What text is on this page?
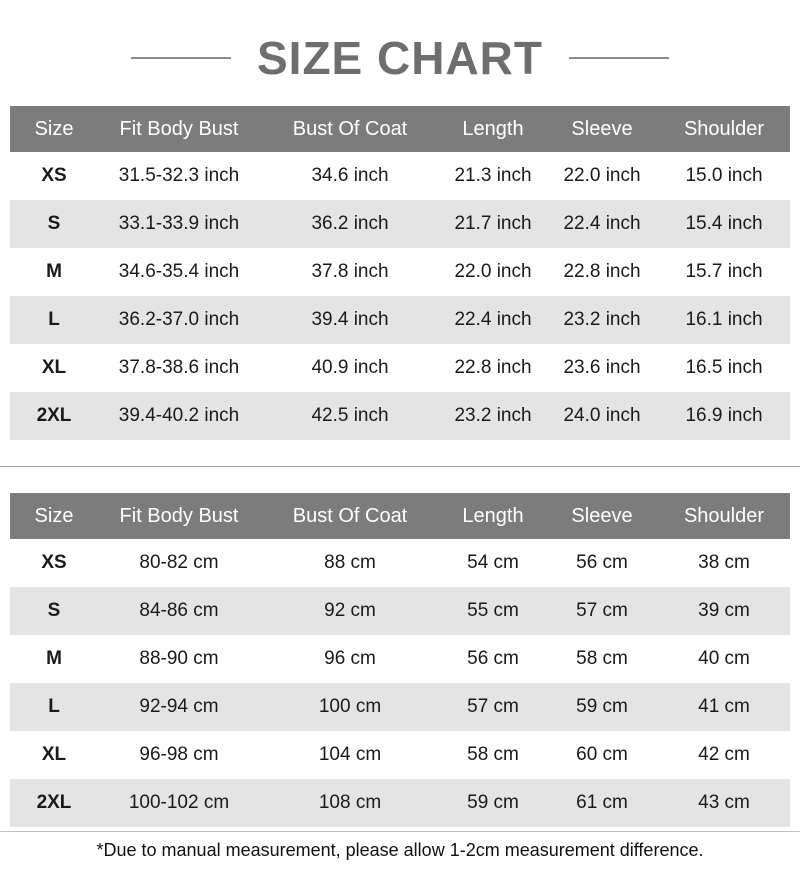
SIZE CHART
Size	Fit Body Bust	Bust Of Coat	Length	Sleeve	Shoulder
XS	31.5-32.3 inch	34.6 inch	21.3 inch	22.0 inch	15.0 inch
S	33.1-33.9 inch	36.2 inch	21.7 inch	22.4 inch	15.4 inch
M	34.6-35.4 inch	37.8 inch	22.0 inch	22.8 inch	15.7 inch
L	36.2-37.0 inch	39.4 inch	22.4 inch	23.2 inch	16.1 inch
XL	37.8-38.6 inch	40.9 inch	22.8 inch	23.6 inch	16.5 inch
2XL	39.4-40.2 inch	42.5 inch	23.2 inch	24.0 inch	16.9 inch
Size	Fit Body Bust	Bust Of Coat	Length	Sleeve	Shoulder
XS	80-82 cm	88 cm	54 cm	56 cm	38 cm
S	84-86 cm	92 cm	55 cm	57 cm	39 cm
M	88-90 cm	96 cm	56 cm	58 cm	40 cm
L	92-94 cm	100 cm	57 cm	59 cm	41 cm
XL	96-98 cm	104 cm	58 cm	60 cm	42 cm
2XL	100-102 cm	108 cm	59 cm	61 cm	43 cm
*Due to manual measurement, please allow 1-2cm measurement difference.
